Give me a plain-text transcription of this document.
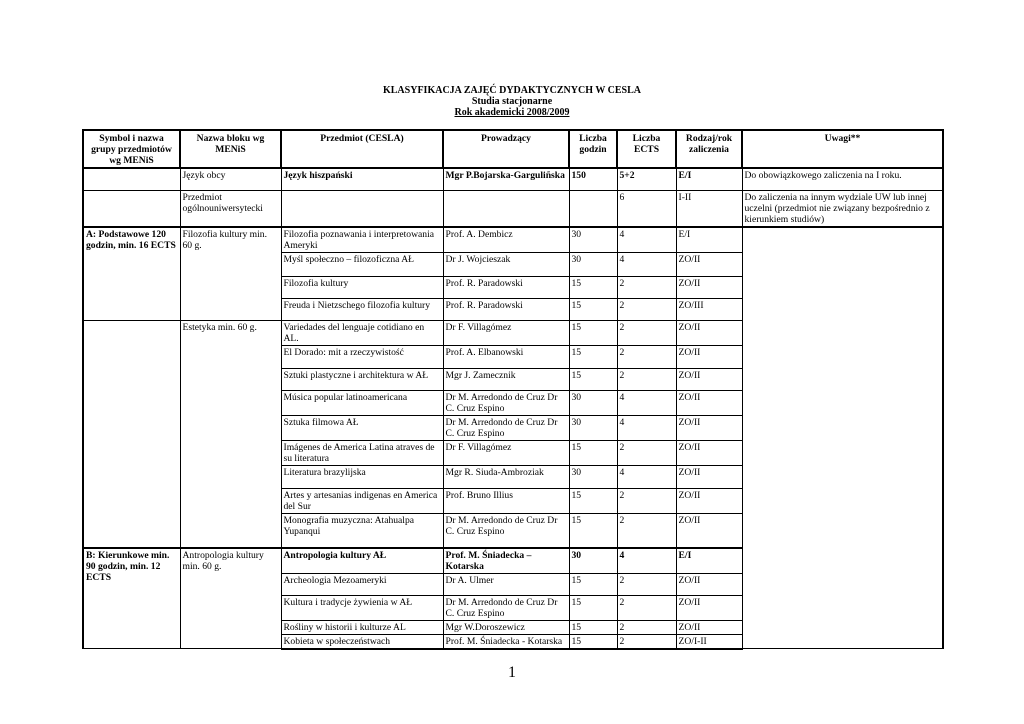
KLASYFIKACJA ZAJĘĆ DYDAKTYCZNYCH W CESLA
Studia stacjonarne
Rok akademicki 2008/2009
Symbol i nazwa grupy przedmiotów wg MENiS	Nazwa bloku wg MENiS	Przedmiot (CESLA)	Prowadzący	Liczba godzin	Liczba ECTS	Rodzaj/rok zaliczenia	Uwagi**
	Język obcy	Język hiszpański	Mgr P.Bojarska-Garguliñska	150	5+2	E/I	Do obowiązkowego zaliczenia na I roku.
	Przedmiot ogólnouniwersytecki				6	I-II	Do zaliczenia na innym wydziale UW lub innej uczelni (przedmiot nie związany bezpośrednio z kierunkiem studiów)
A: Podstawowe 120 godzin, min. 16 ECTS	Filozofia kultury min. 60 g.	Filozofia poznawania i interpretowania Ameryki	Prof. A. Dembicz	30	4	E/I	
		Myśl społeczno – filozoficzna AŁ	Dr J. Wojcieszak	30	4	ZO/II	
		Filozofia kultury	Prof. R. Paradowski	15	2	ZO/II	
		Freuda i Nietzschego filozofia kultury	Prof. R. Paradowski	15	2	ZO/III	
	Estetyka min. 60 g.	Variedades del lenguaje cotidiano en AL.	Dr F. Villagómez	15	2	ZO/II	
		El Dorado: mit a rzeczywistość	Prof. A. Elbanowski	15	2	ZO/II	
		Sztuki plastyczne i architektura w AŁ	Mgr J. Zamecznik	15	2	ZO/II	
		Música popular latinoamericana	Dr M. Arredondo de Cruz Dr C. Cruz Espino	30	4	ZO/II	
		Sztuka filmowa AŁ	Dr M. Arredondo de Cruz Dr C. Cruz Espino	30	4	ZO/II	
		Imágenes de America Latina atraves de su literatura	Dr F. Villagómez	15	2	ZO/II	
		Literatura brazylijska	Mgr R. Siuda-Ambroziak	30	4	ZO/II	
		Artes y artesanias indigenas en America del Sur	Prof. Bruno Illius	15	2	ZO/II	
		Monografia muzyczna: Atahualpa Yupanqui	Dr M. Arredondo de Cruz Dr C. Cruz Espino	15	2	ZO/II	
B: Kierunkowe min. 90 godzin, min. 12 ECTS	Antropologia kultury min. 60 g.	Antropologia kultury AŁ	Prof. M. Śniadecka – Kotarska	30	4	E/I	
		Archeologia Mezoameryki	Dr A. Ulmer	15	2	ZO/II	
		Kultura i tradycje żywienia w AŁ	Dr M. Arredondo de Cruz Dr C. Cruz Espino	15	2	ZO/II	
		Rośliny w historii i kulturze AL	Mgr W.Doroszewicz	15	2	ZO/II	
		Kobieta w społeczeństwach	Prof. M. Śniadecka - Kotarska	15	2	ZO/I-II	
1
